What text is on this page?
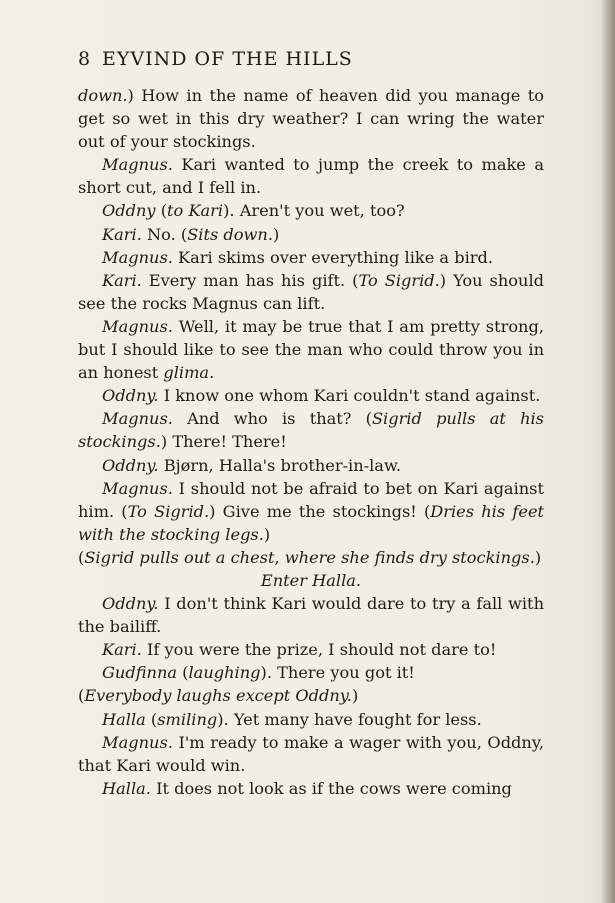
8 EYVIND OF THE HILLS

down.) How in the name of heaven did you manage to get so wet in this dry weather? I can wring the water out of your stockings.

Magnus. Kari wanted to jump the creek to make a short cut, and I fell in.

Oddny (to Kari). Aren't you wet, too?

Kari. No. (Sits down.)

Magnus. Kari skims over everything like a bird.

Kari. Every man has his gift. (To Sigrid.) You should see the rocks Magnus can lift.

Magnus. Well, it may be true that I am pretty strong, but I should like to see the man who could throw you in an honest glima.

Oddny. I know one whom Kari couldn't stand against.

Magnus. And who is that? (Sigrid pulls at his stockings.) There! There!

Oddny. Bjørn, Halla's brother-in-law.

Magnus. I should not be afraid to bet on Kari against him. (To Sigrid.) Give me the stockings! (Dries his feet with the stocking legs.)

(Sigrid pulls out a chest, where she finds dry stockings.)

Enter Halla.

Oddny. I don't think Kari would dare to try a fall with the bailiff.

Kari. If you were the prize, I should not dare to!

Gudfinna (laughing). There you got it!

(Everybody laughs except Oddny.)

Halla (smiling). Yet many have fought for less.

Magnus. I'm ready to make a wager with you, Oddny, that Kari would win.

Halla. It does not look as if the cows were coming
